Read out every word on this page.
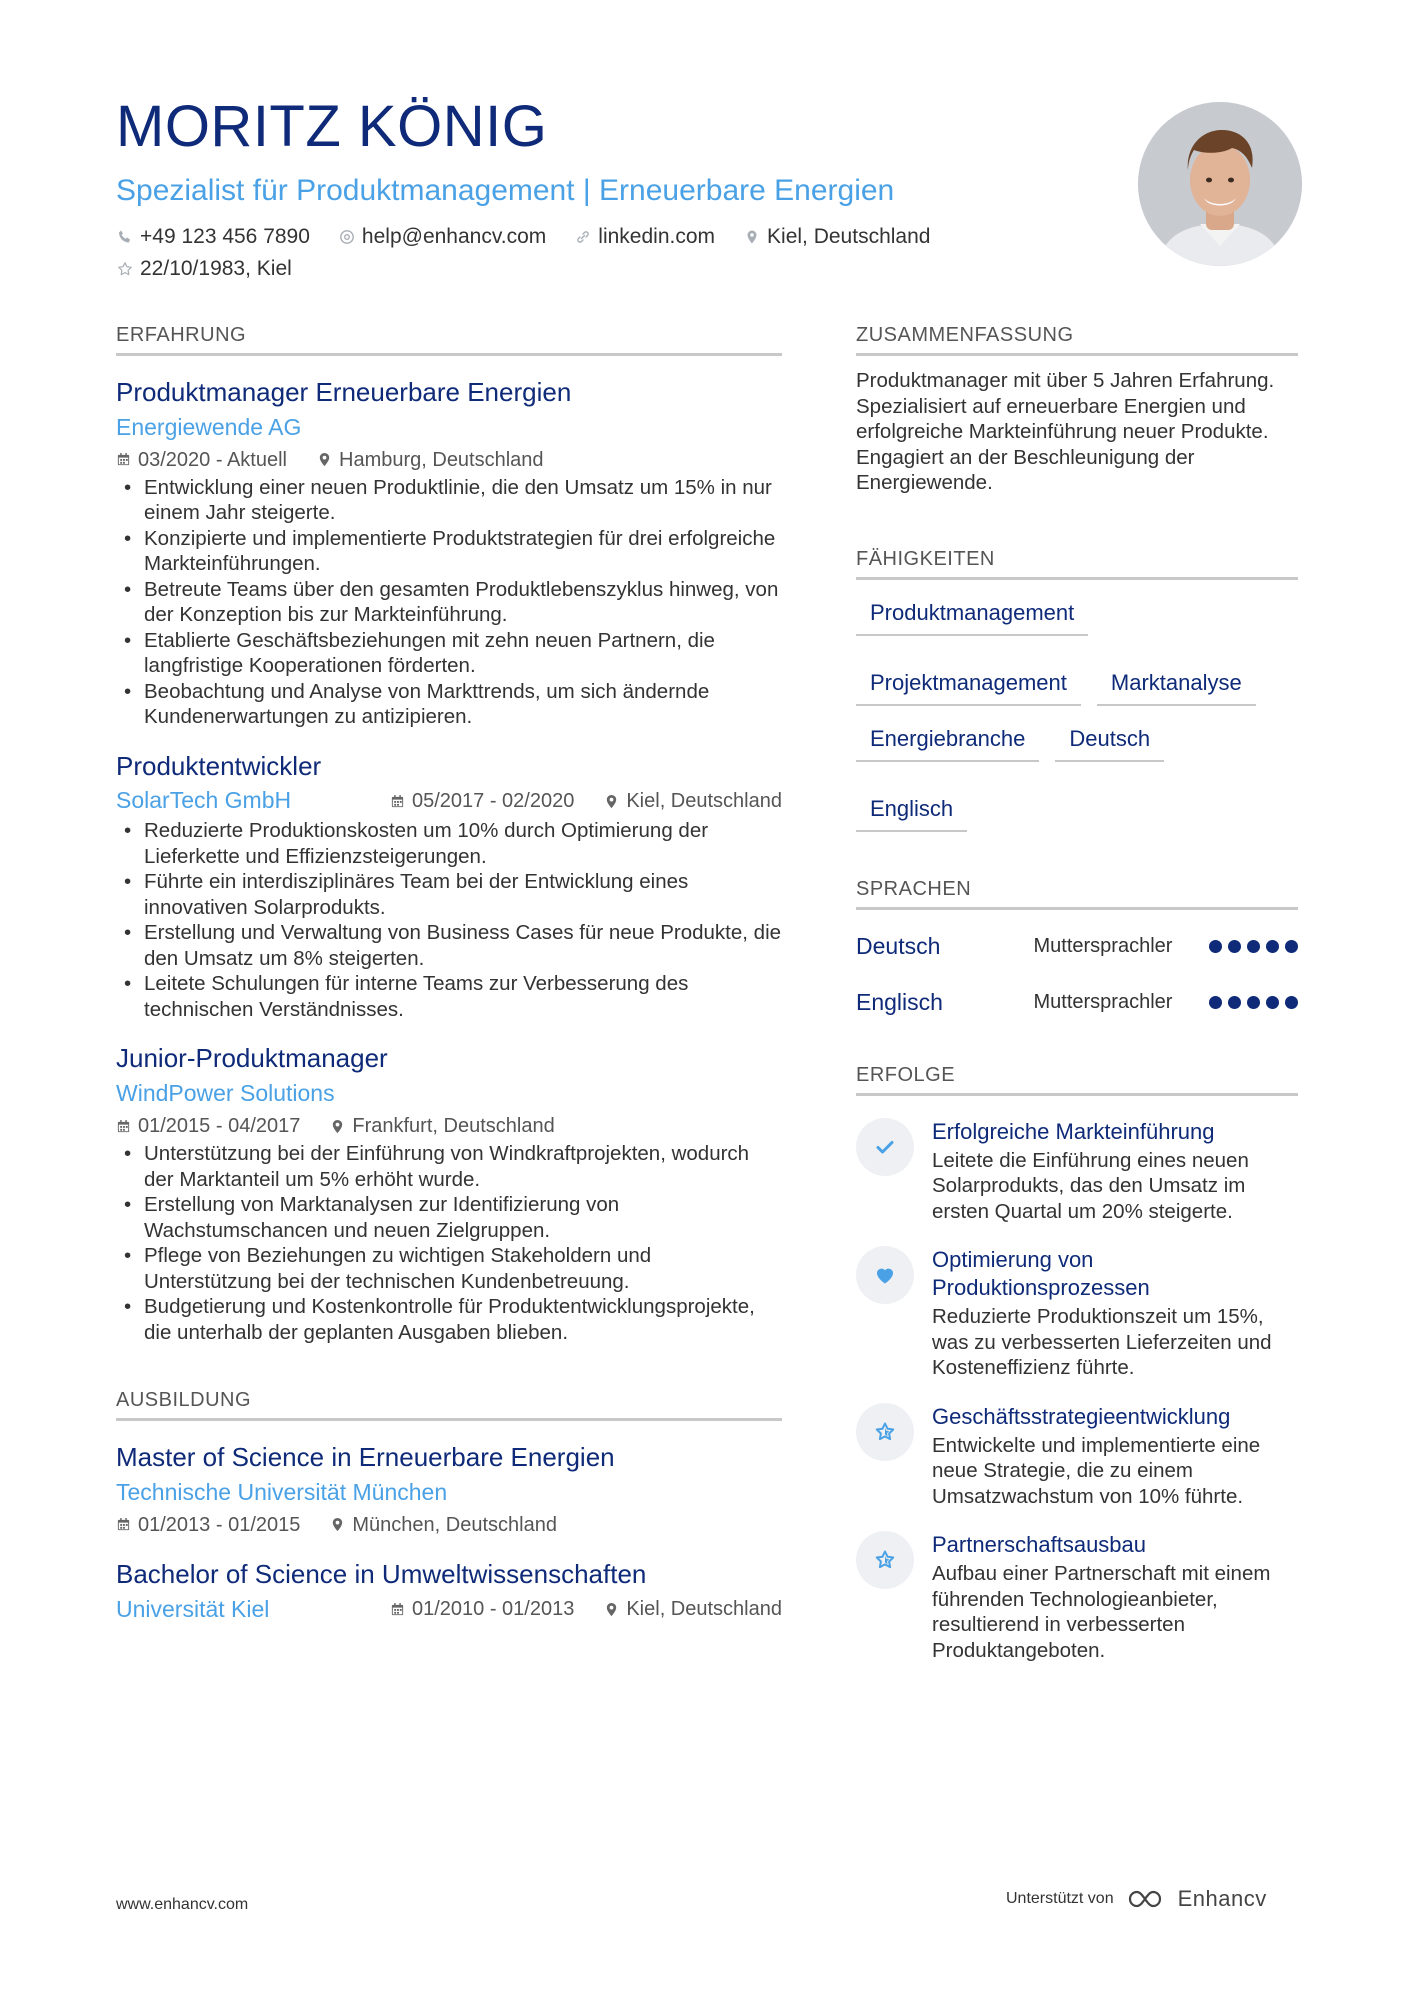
MORITZ KÖNIG
Spezialist für Produktmanagement | Erneuerbare Energien
+49 123 456 7890 help@enhancv.com linkedin.com Kiel, Deutschland
22/10/1983, Kiel
ERFAHRUNG
Produktmanager Erneuerbare Energien
Energiewende AG
03/2020 - Aktuell	Hamburg, Deutschland
• Entwicklung einer neuen Produktlinie, die den Umsatz um 15% in nur einem Jahr steigerte.
• Konzipierte und implementierte Produktstrategien für drei erfolgreiche Markteinführungen.
• Betreute Teams über den gesamten Produktlebenszyklus hinweg, von der Konzeption bis zur Markteinführung.
• Etablierte Geschäftsbeziehungen mit zehn neuen Partnern, die langfristige Kooperationen förderten.
• Beobachtung und Analyse von Markttrends, um sich ändernde Kundenerwartungen zu antizipieren.
Produktentwickler
SolarTech GmbH	05/2017 - 02/2020	Kiel, Deutschland
• Reduzierte Produktionskosten um 10% durch Optimierung der Lieferkette und Effizienzsteigerungen.
• Führte ein interdisziplinäres Team bei der Entwicklung eines innovativen Solarprodukts.
• Erstellung und Verwaltung von Business Cases für neue Produkte, die den Umsatz um 8% steigerten.
• Leitete Schulungen für interne Teams zur Verbesserung des technischen Verständnisses.
Junior-Produktmanager
WindPower Solutions
01/2015 - 04/2017	Frankfurt, Deutschland
• Unterstützung bei der Einführung von Windkraftprojekten, wodurch der Marktanteil um 5% erhöht wurde.
• Erstellung von Marktanalysen zur Identifizierung von Wachstumschancen und neuen Zielgruppen.
• Pflege von Beziehungen zu wichtigen Stakeholdern und Unterstützung bei der technischen Kundenbetreuung.
• Budgetierung und Kostenkontrolle für Produktentwicklungsprojekte, die unterhalb der geplanten Ausgaben blieben.
AUSBILDUNG
Master of Science in Erneuerbare Energien
Technische Universität München
01/2013 - 01/2015	München, Deutschland
Bachelor of Science in Umweltwissenschaften
Universität Kiel	01/2010 - 01/2013	Kiel, Deutschland
ZUSAMMENFASSUNG
Produktmanager mit über 5 Jahren Erfahrung. Spezialisiert auf erneuerbare Energien und erfolgreiche Markteinführung neuer Produkte. Engagiert an der Beschleunigung der Energiewende.
FÄHIGKEITEN
Produktmanagement
Projektmanagement	Marktanalyse
Energiebranche	Deutsch
Englisch
SPRACHEN
Deutsch	Muttersprachler
Englisch	Muttersprachler
ERFOLGE
Erfolgreiche Markteinführung
Leitete die Einführung eines neuen Solarprodukts, das den Umsatz im ersten Quartal um 20% steigerte.
Optimierung von Produktionsprozessen
Reduzierte Produktionszeit um 15%, was zu verbesserten Lieferzeiten und Kosteneffizienz führte.
Geschäftsstrategieentwicklung
Entwickelte und implementierte eine neue Strategie, die zu einem Umsatzwachstum von 10% führte.
Partnerschaftsausbau
Aufbau einer Partnerschaft mit einem führenden Technologieanbieter, resultierend in verbesserten Produktangeboten.
www.enhancv.com	Unterstützt von	Enhancv
